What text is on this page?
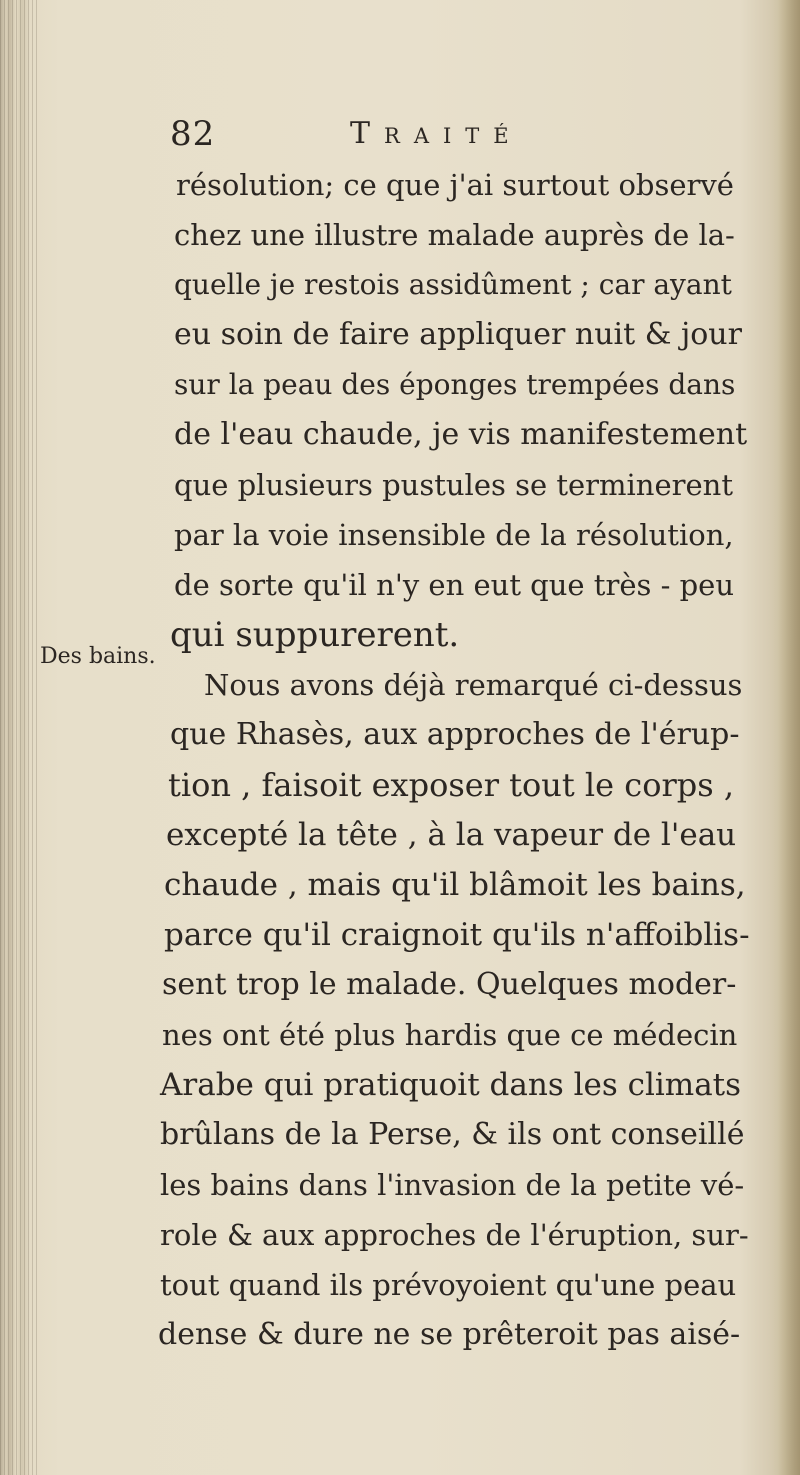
82	Traité
Des bains.
résolution; ce que j'ai surtout observé
chez une illustre malade auprès de la-
quelle je restois assidûment ; car ayant
eu soin de faire appliquer nuit & jour
sur la peau des éponges trempées dans
de l'eau chaude, je vis manifestement
que plusieurs pustules se terminerent
par la voie insensible de la résolution,
de sorte qu'il n'y en eut que très - peu
qui suppurerent.
Nous avons déjà remarqué ci-dessus
que Rhasès, aux approches de l'érup-
tion , faisoit exposer tout le corps ,
excepté la tête , à la vapeur de l'eau
chaude , mais qu'il blâmoit les bains,
parce qu'il craignoit qu'ils n'affoiblis-
sent trop le malade. Quelques moder-
nes ont été plus hardis que ce médecin
Arabe qui pratiquoit dans les climats
brûlans de la Perse, & ils ont conseillé
les bains dans l'invasion de la petite vé-
role & aux approches de l'éruption, sur-
tout quand ils prévoyoient qu'une peau
dense & dure ne se prêteroit pas aisé-
